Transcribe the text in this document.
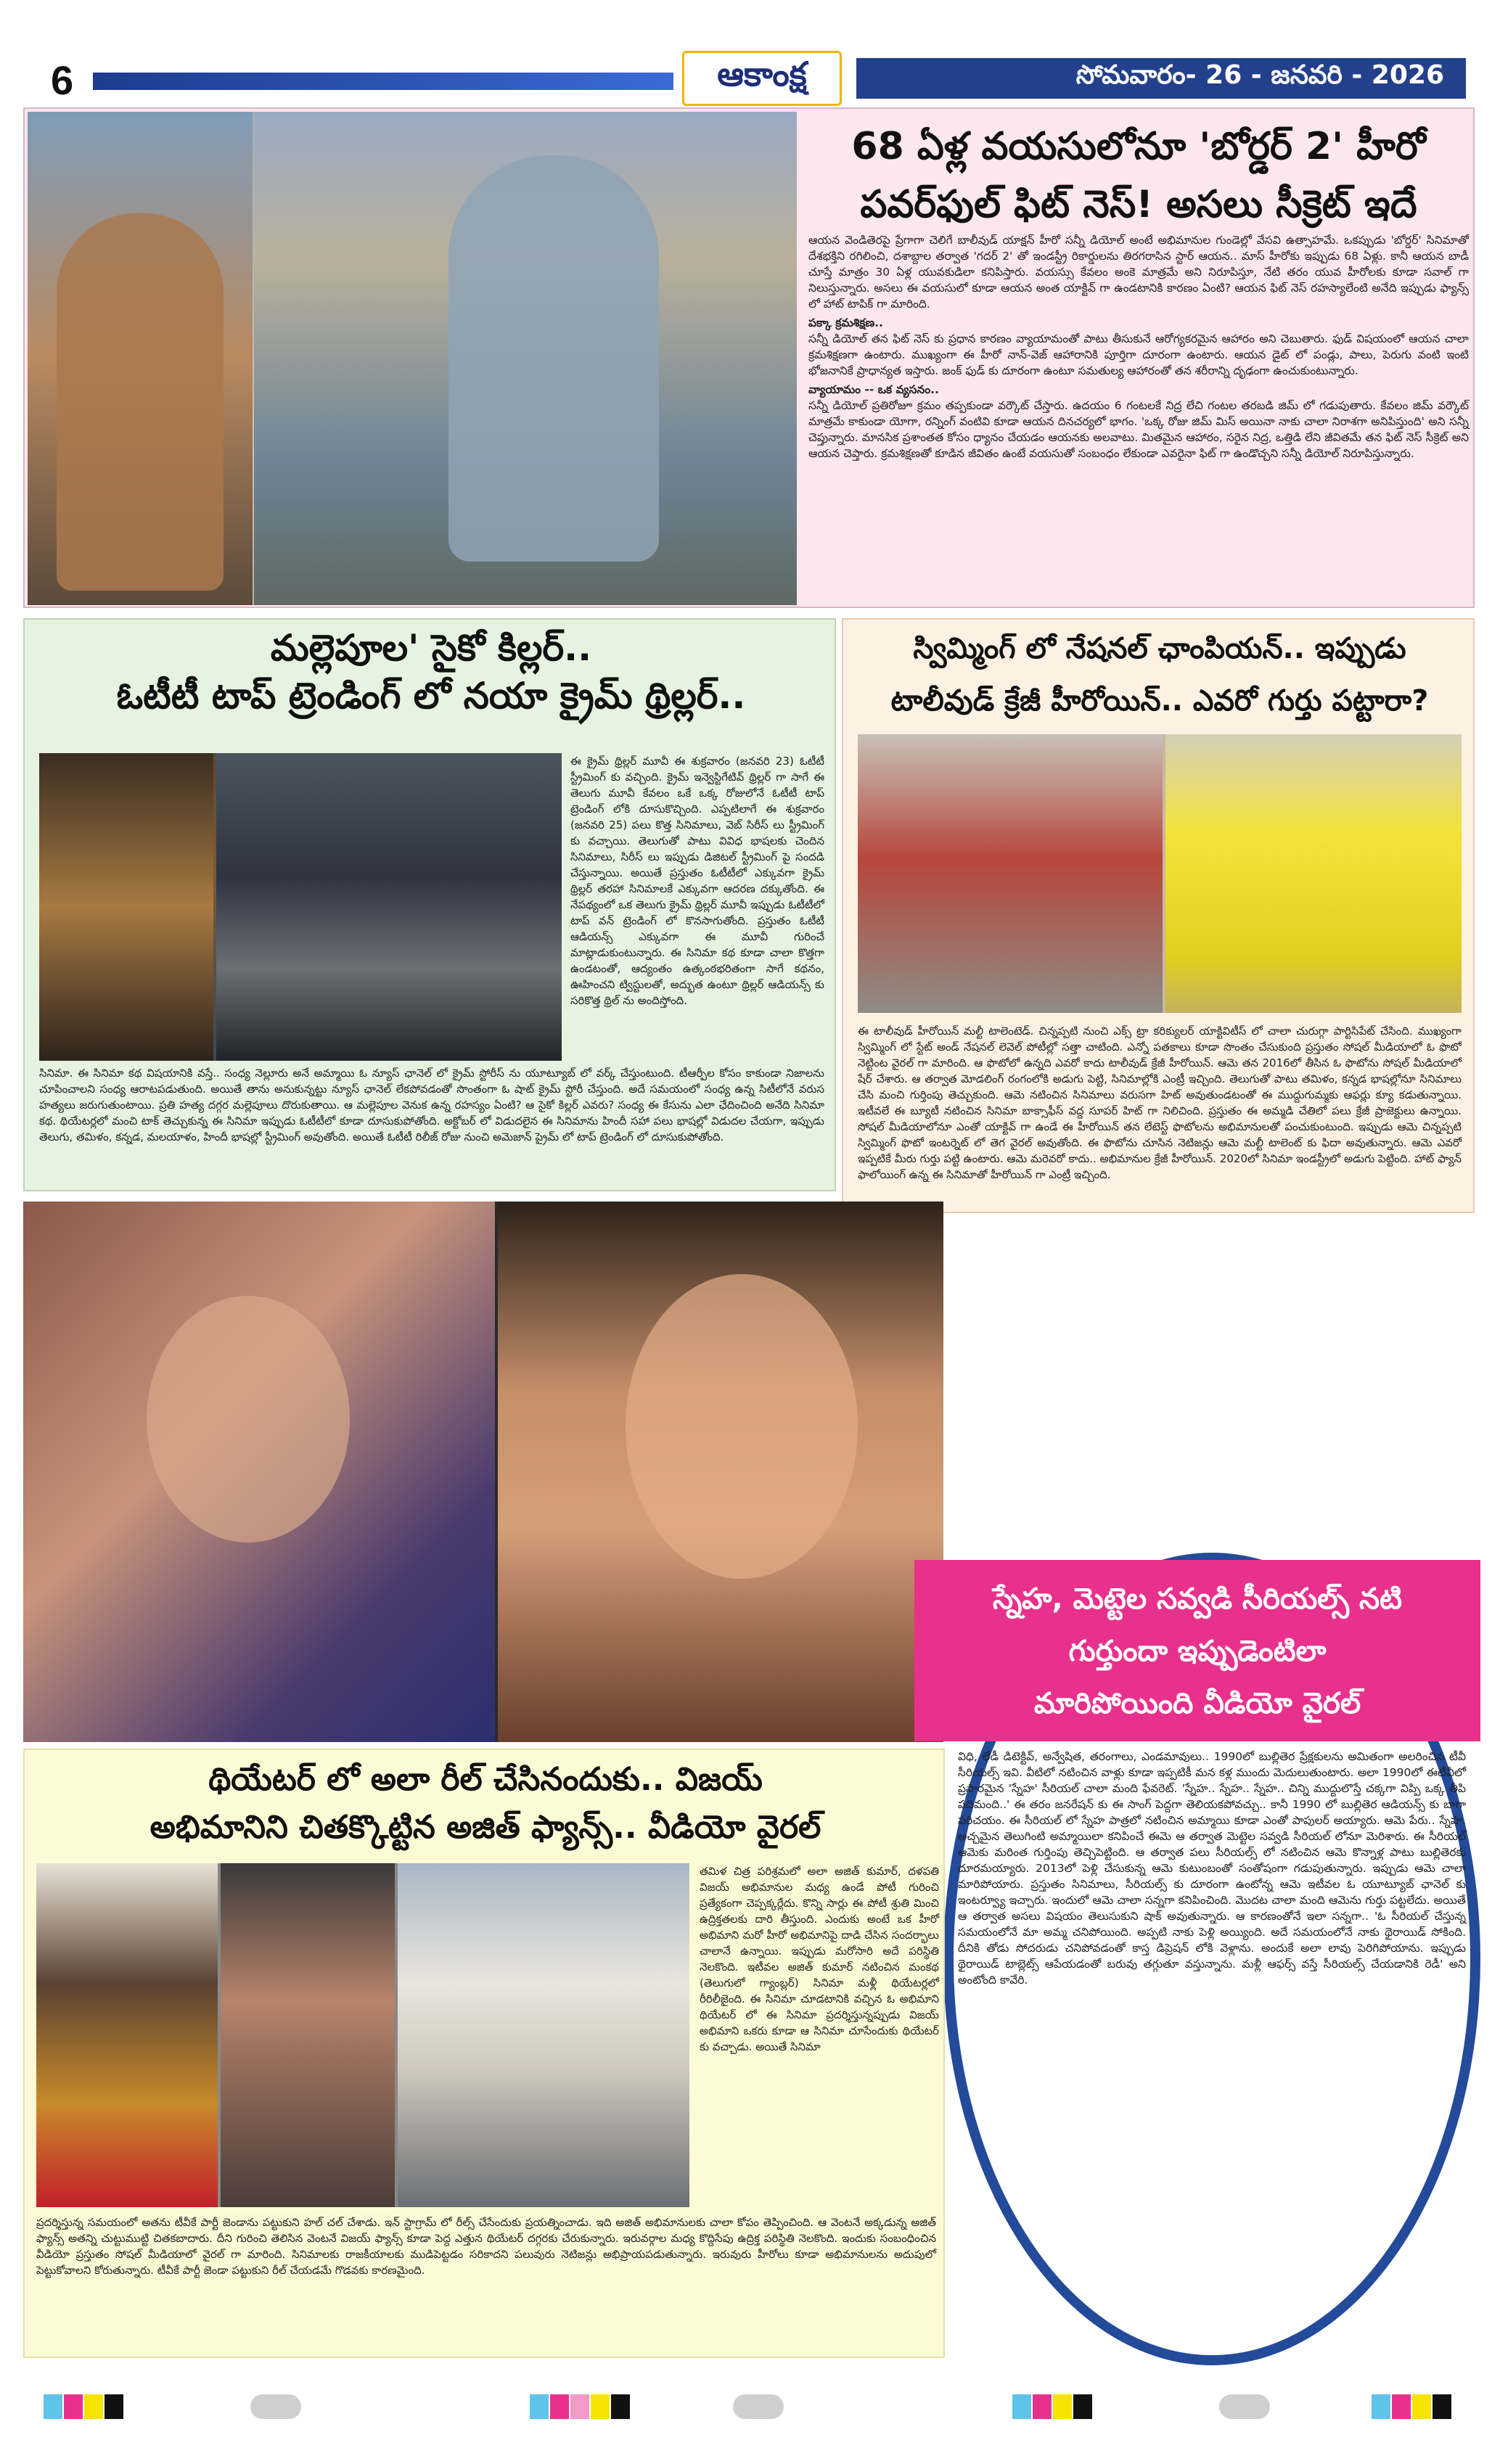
6	ఆకాంక్ష	సోమవారం- 26 - జనవరి - 2026
68 ఏళ్ల వయసులోనూ 'బోర్డర్ 2' హీరో
పవర్‌ఫుల్ ఫిట్ నెస్! అసలు సీక్రెట్ ఇదే

ఆయన వెండితెరపై ప్రేగాగా చెలిగే బాలీవుడ్ యాక్షన్ హీరో సన్నీ డియోల్ అంటే అభిమానుల గుండెల్లో వేసవి ఉత్సాహమే. ఒకప్పుడు 'బోర్డర్' సినిమాతో దేశభక్తిని రగిలించి, దశాబ్దాల తర్వాత 'గదర్ 2' తో ఇండస్ట్రీ రికార్డులను తిరగరాసిన స్టార్ ఆయన.. మాస్ హీరోకు ఇప్పుడు 68 ఏళ్లు. కానీ ఆయన బాడీ చూస్తే మాత్రం 30 ఏళ్ల యువకుడిలా కనిపిస్తారు. వయస్సు కేవలం అంకె మాత్రమే అని నిరూపిస్తూ, నేటి తరం యువ హీరోలకు కూడా సవాల్ గా నిలుస్తున్నారు. అసలు ఈ వయసులో కూడా ఆయన అంత యాక్టివ్ గా ఉండటానికి కారణం ఏంటి? ఆయన ఫిట్ నెస్ రహస్యాలేంటి అనేది ఇప్పుడు ఫ్యాన్స్ లో హాట్ టాపిక్ గా మారింది.

పక్కా క్రమశిక్షణ..

సన్నీ డియోల్ తన ఫిట్ నెస్ కు ప్రధాన కారణం వ్యాయామంతో పాటు తీసుకునే ఆరోగ్యకరమైన ఆహారం అని చెబుతారు. ఫుడ్ విషయంలో ఆయన చాలా క్రమశిక్షణగా ఉంటారు. ముఖ్యంగా ఈ హీరో నాన్-వెజ్ ఆహారానికి పూర్తిగా దూరంగా ఉంటారు. ఆయన డైట్ లో పండ్లు, పాలు, పెరుగు వంటి ఇంటి భోజనానికే ప్రాధాన్యత ఇస్తారు. జంక్ ఫుడ్ కు దూరంగా ఉంటూ సమతుల్య ఆహారంతో తన శరీరాన్ని దృఢంగా ఉంచుకుంటున్నారు.

వ్యాయామం -- ఒక వ్యసనం..

సన్నీ డియోల్ ప్రతిరోజూ క్రమం తప్పకుండా వర్కౌట్ చేస్తారు. ఉదయం 6 గంటలకే నిద్ర లేచి గంటల తరబడి జిమ్ లో గడుపుతారు. కేవలం జిమ్ వర్కౌట్ మాత్రమే కాకుండా యోగా, రన్నింగ్ వంటివి కూడా ఆయన దినచర్యలో భాగం. 'ఒక్క రోజు జిమ్ మిస్ అయినా నాకు చాలా నిరాశగా అనిపిస్తుంది' అని సన్నీ చెప్తున్నారు. మానసిక ప్రశాంతత కోసం ధ్యానం చేయడం ఆయనకు అలవాటు. మితమైన ఆహారం, సరైన నిద్ర, ఒత్తిడి లేని జీవితమే తన ఫిట్ నెస్ సీక్రెట్ అని ఆయన చెప్తారు. క్రమశిక్షణతో కూడిన జీవితం ఉంటే వయసుతో సంబంధం లేకుండా ఎవరైనా ఫిట్ గా ఉండొచ్చని సన్నీ డియోల్ నిరూపిస్తున్నారు.

మల్లెపూల' సైకో కిల్లర్..
ఓటీటీ టాప్ ట్రెండింగ్ లో నయా క్రైమ్ థ్రిల్లర్..
ఈ క్రైమ్ థ్రిల్లర్ మూవీ ఈ శుక్రవారం (జనవరి 23) ఓటీటీ స్ట్రీమింగ్ కు వచ్చింది. క్రైమ్ ఇన్వెస్టిగేటివ్ థ్రిల్లర్ గా సాగే ఈ తెలుగు మూవీ కేవలం ఒకే ఒక్క రోజులోనే ఓటీటీ టాప్ ట్రెండింగ్ లోకి దూసుకొచ్చింది. ఎప్పటిలాగే ఈ శుక్రవారం (జనవరి 25) పలు కొత్త సినిమాలు, వెబ్ సిరీస్ లు స్ట్రీమింగ్ కు వచ్చాయి. తెలుగుతో పాటు వివిధ భాషలకు చెందిన సినిమాలు, సిరీస్ లు ఇప్పుడు డిజిటల్ స్ట్రీమింగ్ పై సందడి చేస్తున్నాయి. అయితే ప్రస్తుతం ఓటీటీలో ఎక్కువగా క్రైమ్ థ్రిల్లర్ తరహా సినిమాలకే ఎక్కువగా ఆదరణ దక్కుతోంది. ఈ నేపథ్యంలో ఒక తెలుగు క్రైమ్ థ్రిల్లర్ మూవీ ఇప్పుడు ఓటీటీలో టాప్ వన్ ట్రెండింగ్ లో కొనసాగుతోంది. ప్రస్తుతం ఓటీటీ ఆడియన్స్ ఎక్కువగా ఈ మూవీ గురించే మాట్లాడుకుంటున్నారు. ఈ సినిమా కథ కూడా చాలా కొత్తగా ఉండటంతో, ఆద్యంతం ఉత్కంఠభరితంగా సాగే కథనం, ఊహించని ట్విస్టులతో, అద్భుత ఉంటూ థ్రిల్లర్ ఆడియన్స్ కు సరికొత్త థ్రిల్ ను అందిస్తోంది.
సినిమా. ఈ సినిమా కథ విషయానికి వస్తే.. సంధ్య నెల్లూరు అనే అమ్మాయి ఓ న్యూస్ ఛానెల్ లో క్రైమ్ స్టోరీస్ ను యూట్యూబ్ లో వర్క్ చేస్తుంటుంది. టీఆర్పీల కోసం కాకుండా నిజాలను చూపించాలని సంధ్య ఆరాటపడుతుంది. అయితే తాను అనుకున్నట్టు న్యూస్ ఛానెల్ లేకపోవడంతో సొంతంగా ఓ షాట్ క్రైమ్ స్టోరీ చేస్తుంది. అదే సమయంలో సంధ్య ఉన్న సిటీలోనే వరుస హత్యలు జరుగుతుంటాయి. ప్రతి హత్య దగ్గర మల్లెపూలు దొరుకుతాయి. ఆ మల్లెపూల వెనుక ఉన్న రహస్యం ఏంటి? ఆ సైకో కిల్లర్ ఎవరు? సంధ్య ఈ కేసును ఎలా ఛేదించింది అనేది సినిమా కథ. థియేటర్లలో మంచి టాక్ తెచ్చుకున్న ఈ సినిమా ఇప్పుడు ఓటీటీలో కూడా దూసుకుపోతోంది. అక్టోబర్ లో విడుదలైన ఈ సినిమాను హిందీ సహా పలు భాషల్లో విడుదల చేయగా, ఇప్పుడు తెలుగు, తమిళం, కన్నడ, మలయాళం, హిందీ భాషల్లో స్ట్రీమింగ్ అవుతోంది. అయితే ఓటీటీ రిలీజ్ రోజు నుంచి అమెజాన్ ప్రైమ్ లో టాప్ ట్రెండింగ్ లో దూసుకుపోతోంది.
స్విమ్మింగ్ లో నేషనల్ ఛాంపియన్.. ఇప్పుడు
టాలీవుడ్ క్రేజీ హీరోయిన్.. ఎవరో గుర్తు పట్టారా?
ఈ టాలీవుడ్ హీరోయిన్ మల్టీ టాలెంటెడ్. చిన్నప్పటి నుంచి ఎక్స్ ట్రా కరిక్యులర్ యాక్టివిటీస్ లో చాలా చురుగ్గా పార్టిసిపేట్ చేసింది. ముఖ్యంగా స్విమ్మింగ్ లో స్టేట్ అండ్ నేషనల్ లెవెల్ పోటీల్లో సత్తా చాటింది. ఎన్నో పతకాలు కూడా సొంతం చేసుకుంది ప్రస్తుతం సోషల్ మీడియాలో ఓ ఫొటో నెట్టింట వైరల్ గా మారింది. ఆ ఫొటోలో ఉన్నది ఎవరో కాదు టాలీవుడ్ క్రేజీ హీరోయిన్. ఆమె తన 2016లో తీసిన ఓ ఫొటోను సోషల్ మీడియాలో షేర్ చేశారు. ఆ తర్వాత మోడలింగ్ రంగంలోకి అడుగు పెట్టి, సినిమాల్లోకి ఎంట్రీ ఇచ్చింది. తెలుగుతో పాటు తమిళం, కన్నడ భాషల్లోనూ సినిమాలు చేసి మంచి గుర్తింపు తెచ్చుకుంది. ఆమె నటించిన సినిమాలు వరుసగా హిట్ అవుతుండటంతో ఈ ముద్దుగుమ్మకు ఆఫర్లు క్యూ కడుతున్నాయి. ఇటీవలే ఈ బ్యూటీ నటించిన సినిమా బాక్సాఫీస్ వద్ద సూపర్ హిట్ గా నిలిచింది. ప్రస్తుతం ఈ అమ్మడి చేతిలో పలు క్రేజీ ప్రాజెక్టులు ఉన్నాయి. సోషల్ మీడియాలోనూ ఎంతో యాక్టివ్ గా ఉండే ఈ హీరోయిన్ తన లేటెస్ట్ ఫొటోలను అభిమానులతో పంచుకుంటుంది. ఇప్పుడు ఆమె చిన్నప్పటి స్విమ్మింగ్ ఫొటో ఇంటర్నెట్ లో తెగ వైరల్ అవుతోంది. ఈ ఫొటోను చూసిన నెటిజన్లు ఆమె మల్టీ టాలెంట్ కు ఫిదా అవుతున్నారు. ఆమె ఎవరో ఇప్పటికే మీరు గుర్తు పట్టి ఉంటారు. ఆమె మరెవరో కాదు.. అభిమానుల క్రేజీ హీరోయిన్. 2020లో సినిమా ఇండస్ట్రీలో అడుగు పెట్టింది. హాట్ ఫ్యాన్ ఫాలోయింగ్ ఉన్న ఈ సినిమాతో హీరోయిన్ గా ఎంట్రీ ఇచ్చింది.
స్నేహ, మెట్టెల సవ్వడి సీరియల్స్ నటి
గుర్తుందా ఇప్పుడెంటిలా
మారిపోయింది వీడియో వైరల్
విధి, లేడీ డిటెక్టివ్, అన్వేషిత, తరంగాలు, ఎండమావులు.. 1990లో బుల్లితెర ప్రేక్షకులను అమితంగా అలరించిన టీవీ సీరియల్స్ ఇవి. వీటిలో నటించిన వాళ్లు కూడా ఇప్పటికీ మన కళ్ల ముందు మెదులుతుంటారు. అలా 1990లో ఈటీవీలో ప్రసారమైన 'స్నేహ' సీరియల్ చాలా మంది ఫేవరెట్. 'స్నేహ.. స్నేహ.. స్నేహ.. చిన్ని ముద్దులొస్తే చక్కగా విప్పి ఒక్క తీపి పదిమంది..' ఈ తరం జనరేషన్ కు ఈ సాంగ్ పెద్దగా తెలియకపోవచ్చు.. కానీ 1990 లో బుల్లితెర ఆడియన్స్ కు బాగా పరిచయం. ఈ సీరియల్ లో స్నేహ పాత్రలో నటించిన అమ్మాయి కూడా ఎంతో పాపులర్ అయ్యారు. ఆమె పేరు.. స్నేహ. అచ్చమైన తెలుగింటి అమ్మాయిలా కనిపించే ఈమె ఆ తర్వాత మెట్టెల సవ్వడి సీరియల్ లోనూ మెరిశారు. ఈ సీరియల్ ఆమెకు మరింత గుర్తింపు తెచ్చిపెట్టింది. ఆ తర్వాత పలు సీరియల్స్ లో నటించిన ఆమె కొన్నాళ్ల పాటు బుల్లితెరకు దూరమయ్యారు. 2013లో పెళ్లి చేసుకున్న ఆమె కుటుంబంతో సంతోషంగా గడుపుతున్నారు. ఇప్పుడు ఆమె చాలా మారిపోయారు. ప్రస్తుతం సినిమాలు, సీరియల్స్ కు దూరంగా ఉంటోన్న ఆమె ఇటీవల ఓ యూట్యూబ్ ఛానెల్ కు ఇంటర్వ్యూ ఇచ్చారు. ఇందులో ఆమె చాలా సన్నగా కనిపించింది. మొదట చాలా మంది ఆమెను గుర్తు పట్టలేదు. అయితే ఆ తర్వాత అసలు విషయం తెలుసుకుని షాక్ అవుతున్నారు. ఆ కారణంతోనే ఇలా సన్నగా.. 'ఓ సీరియల్ చేస్తున్న సమయంలోనే మా అమ్మ చనిపోయింది. అప్పటి నాకు పెళ్లి అయ్యింది. అదే సమయంలోనే నాకు థైరాయిడ్ సోకింది. దీనికి తోడు సోదరుడు చనిపోవడంతో కాస్త డిప్రెషన్ లోకి వెళ్లాను. అందుకే అలా లావు పెరిగిపోయాను. ఇప్పుడు థైరాయిడ్ టాబ్లెట్స్ ఆపేయడంతో బరువు తగ్గుతూ వస్తున్నాను. మళ్లీ ఆఫర్స్ వస్తే సీరియల్స్ చేయడానికి రెడీ' అని అంటోంది కావేరి.
థియేటర్ లో అలా రీల్ చేసినందుకు.. విజయ్
అభిమానిని చితక్కొట్టిన అజిత్ ఫ్యాన్స్.. వీడియో వైరల్
తమిళ చిత్ర పరిశ్రమలో అలా అజిత్ కుమార్, దళపతి విజయ్ అభిమానుల మధ్య ఉండే పోటీ గురించి ప్రత్యేకంగా చెప్పక్కర్లేదు. కొన్ని సార్లు ఈ పోటీ శ్రుతి మించి ఉద్రిక్తతలకు దారి తీస్తుంది. ఎందుకు అంటే ఒక హీరో అభిమాని మరో హీరో అభిమానిపై దాడి చేసిన సందర్భాలు చాలానే ఉన్నాయి. ఇప్పుడు మరోసారి అదే పరిస్థితి నెలకొంది. ఇటీవల అజిత్ కుమార్ నటించిన మంకథ (తెలుగులో గ్యాంబ్లర్) సినిమా మళ్లీ థియేటర్లలో రీరిలీజైంది. ఈ సినిమా చూడటానికి వచ్చిన ఓ అభిమాని థియేటర్ లో ఈ సినిమా ప్రదర్శిస్తున్నప్పుడు విజయ్ అభిమాని ఒకరు కూడా ఆ సినిమా చూసేందుకు థియేటర్ కు వచ్చాడు. అయితే సినిమా
ప్రదర్శిస్తున్న సమయంలో అతను టీవీకే పార్టీ జెండాను పట్టుకుని హల్ చల్ చేశాడు. ఇన్ స్టాగ్రామ్ లో రీల్స్ చేసేందుకు ప్రయత్నించాడు. ఇది అజిత్ అభిమానులకు చాలా కోపం తెప్పించింది. ఆ వెంటనే అక్కడున్న అజిత్ ఫ్యాన్స్ అతన్ని చుట్టుముట్టి చితకబాదారు. దీని గురించి తెలిసిన వెంటనే విజయ్ ఫ్యాన్స్ కూడా పెద్ద ఎత్తున థియేటర్ దగ్గరకు చేరుకున్నారు. ఇరువర్గాల మధ్య కొద్దిసేపు ఉద్రిక్త పరిస్థితి నెలకొంది. ఇందుకు సంబంధించిన వీడియో ప్రస్తుతం సోషల్ మీడియాలో వైరల్ గా మారింది. సినిమాలకు రాజకీయాలకు ముడిపెట్టడం సరికాదని పలువురు నెటిజన్లు అభిప్రాయపడుతున్నారు. ఇరువురు హీరోలు కూడా అభిమానులను అదుపులో పెట్టుకోవాలని కోరుతున్నారు. టీవీకే పార్టీ జెండా పట్టుకుని రీల్ చేయడమే గొడవకు కారణమైంది.
